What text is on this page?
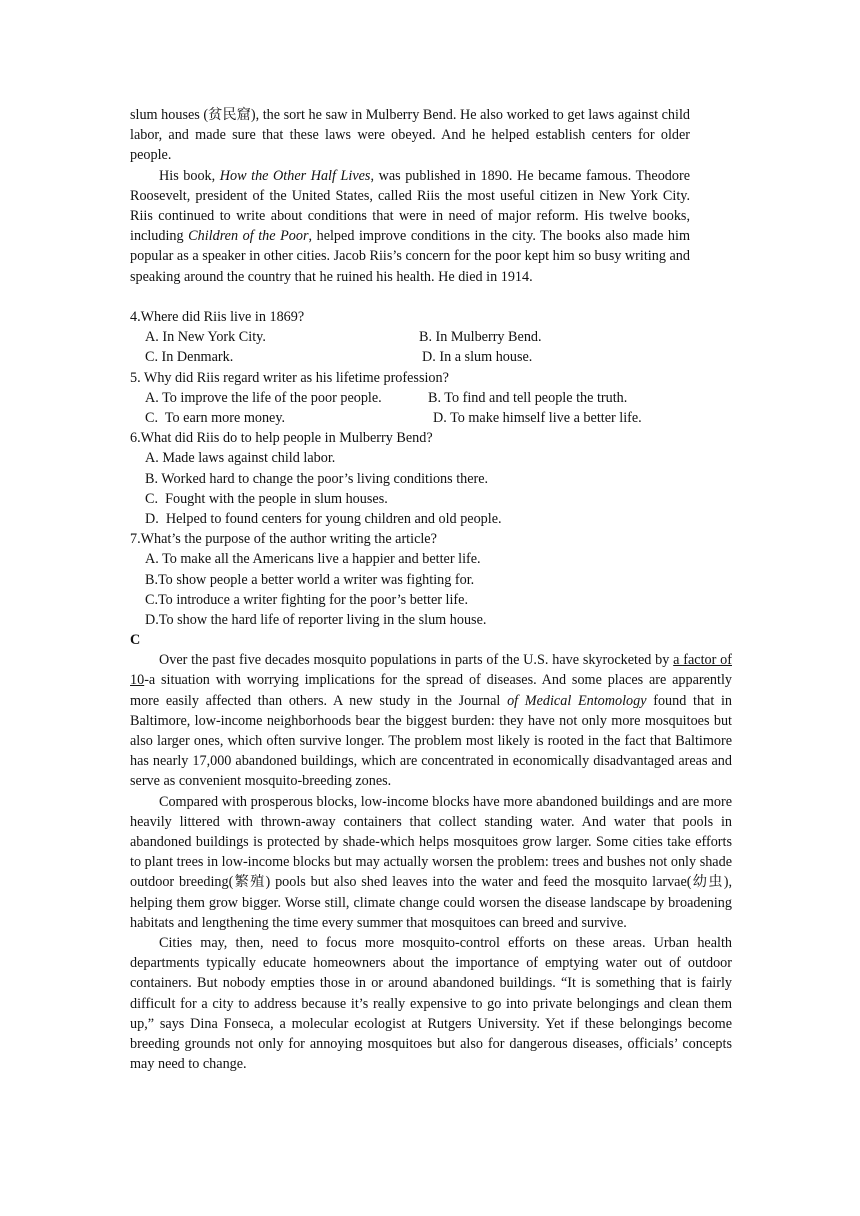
slum houses (贫民窟), the sort he saw in Mulberry Bend. He also worked to get laws against child labor, and made sure that these laws were obeyed. And he helped establish centers for older people.

His book, How the Other Half Lives, was published in 1890. He became famous. Theodore Roosevelt, president of the United States, called Riis the most useful citizen in New York City. Riis continued to write about conditions that were in need of major reform. His twelve books, including Children of the Poor, helped improve conditions in the city. The books also made him popular as a speaker in other cities. Jacob Riis’s concern for the poor kept him so busy writing and speaking around the country that he ruined his health. He died in 1914.

4.Where did Riis live in 1869?

A. In New York City.	B. In Mulberry Bend.
C. In Denmark.	D. In a slum house.

5. Why did Riis regard writer as his lifetime profession?

A. To improve the life of the poor people.	B. To find and tell people the truth.
C.  To earn more money.	D. To make himself live a better life.

6.What did Riis do to help people in Mulberry Bend?

A. Made laws against child labor.

B. Worked hard to change the poor’s living conditions there.

C.  Fought with the people in slum houses.

D.  Helped to found centers for young children and old people.

7.What’s the purpose of the author writing the article?

A. To make all the Americans live a happier and better life.

B.To show people a better world a writer was fighting for.

C.To introduce a writer fighting for the poor’s better life.

D.To show the hard life of reporter living in the slum house.

C

Over the past five decades mosquito populations in parts of the U.S. have skyrocketed by a factor of 10-a situation with worrying implications for the spread of diseases. And some places are apparently more easily affected than others. A new study in the Journal of Medical Entomology found that in Baltimore, low-income neighborhoods bear the biggest burden: they have not only more mosquitoes but also larger ones, which often survive longer. The problem most likely is rooted in the fact that Baltimore has nearly 17,000 abandoned buildings, which are concentrated in economically disadvantaged areas and serve as convenient mosquito-breeding zones.

Compared with prosperous blocks, low-income blocks have more abandoned buildings and are more heavily littered with thrown-away containers that collect standing water. And water that pools in abandoned buildings is protected by shade-which helps mosquitoes grow larger. Some cities take efforts to plant trees in low-income blocks but may actually worsen the problem: trees and bushes not only shade outdoor breeding(繁殖) pools but also shed leaves into the water and feed the mosquito larvae(幼虫), helping them grow bigger. Worse still, climate change could worsen the disease landscape by broadening habitats and lengthening the time every summer that mosquitoes can breed and survive.

Cities may, then, need to focus more mosquito-control efforts on these areas. Urban health departments typically educate homeowners about the importance of emptying water out of outdoor containers. But nobody empties those in or around abandoned buildings. “It is something that is fairly difficult for a city to address because it’s really expensive to go into private belongings and clean them up,” says Dina Fonseca, a molecular ecologist at Rutgers University. Yet if these belongings become breeding grounds not only for annoying mosquitoes but also for dangerous diseases, officials’ concepts may need to change.
